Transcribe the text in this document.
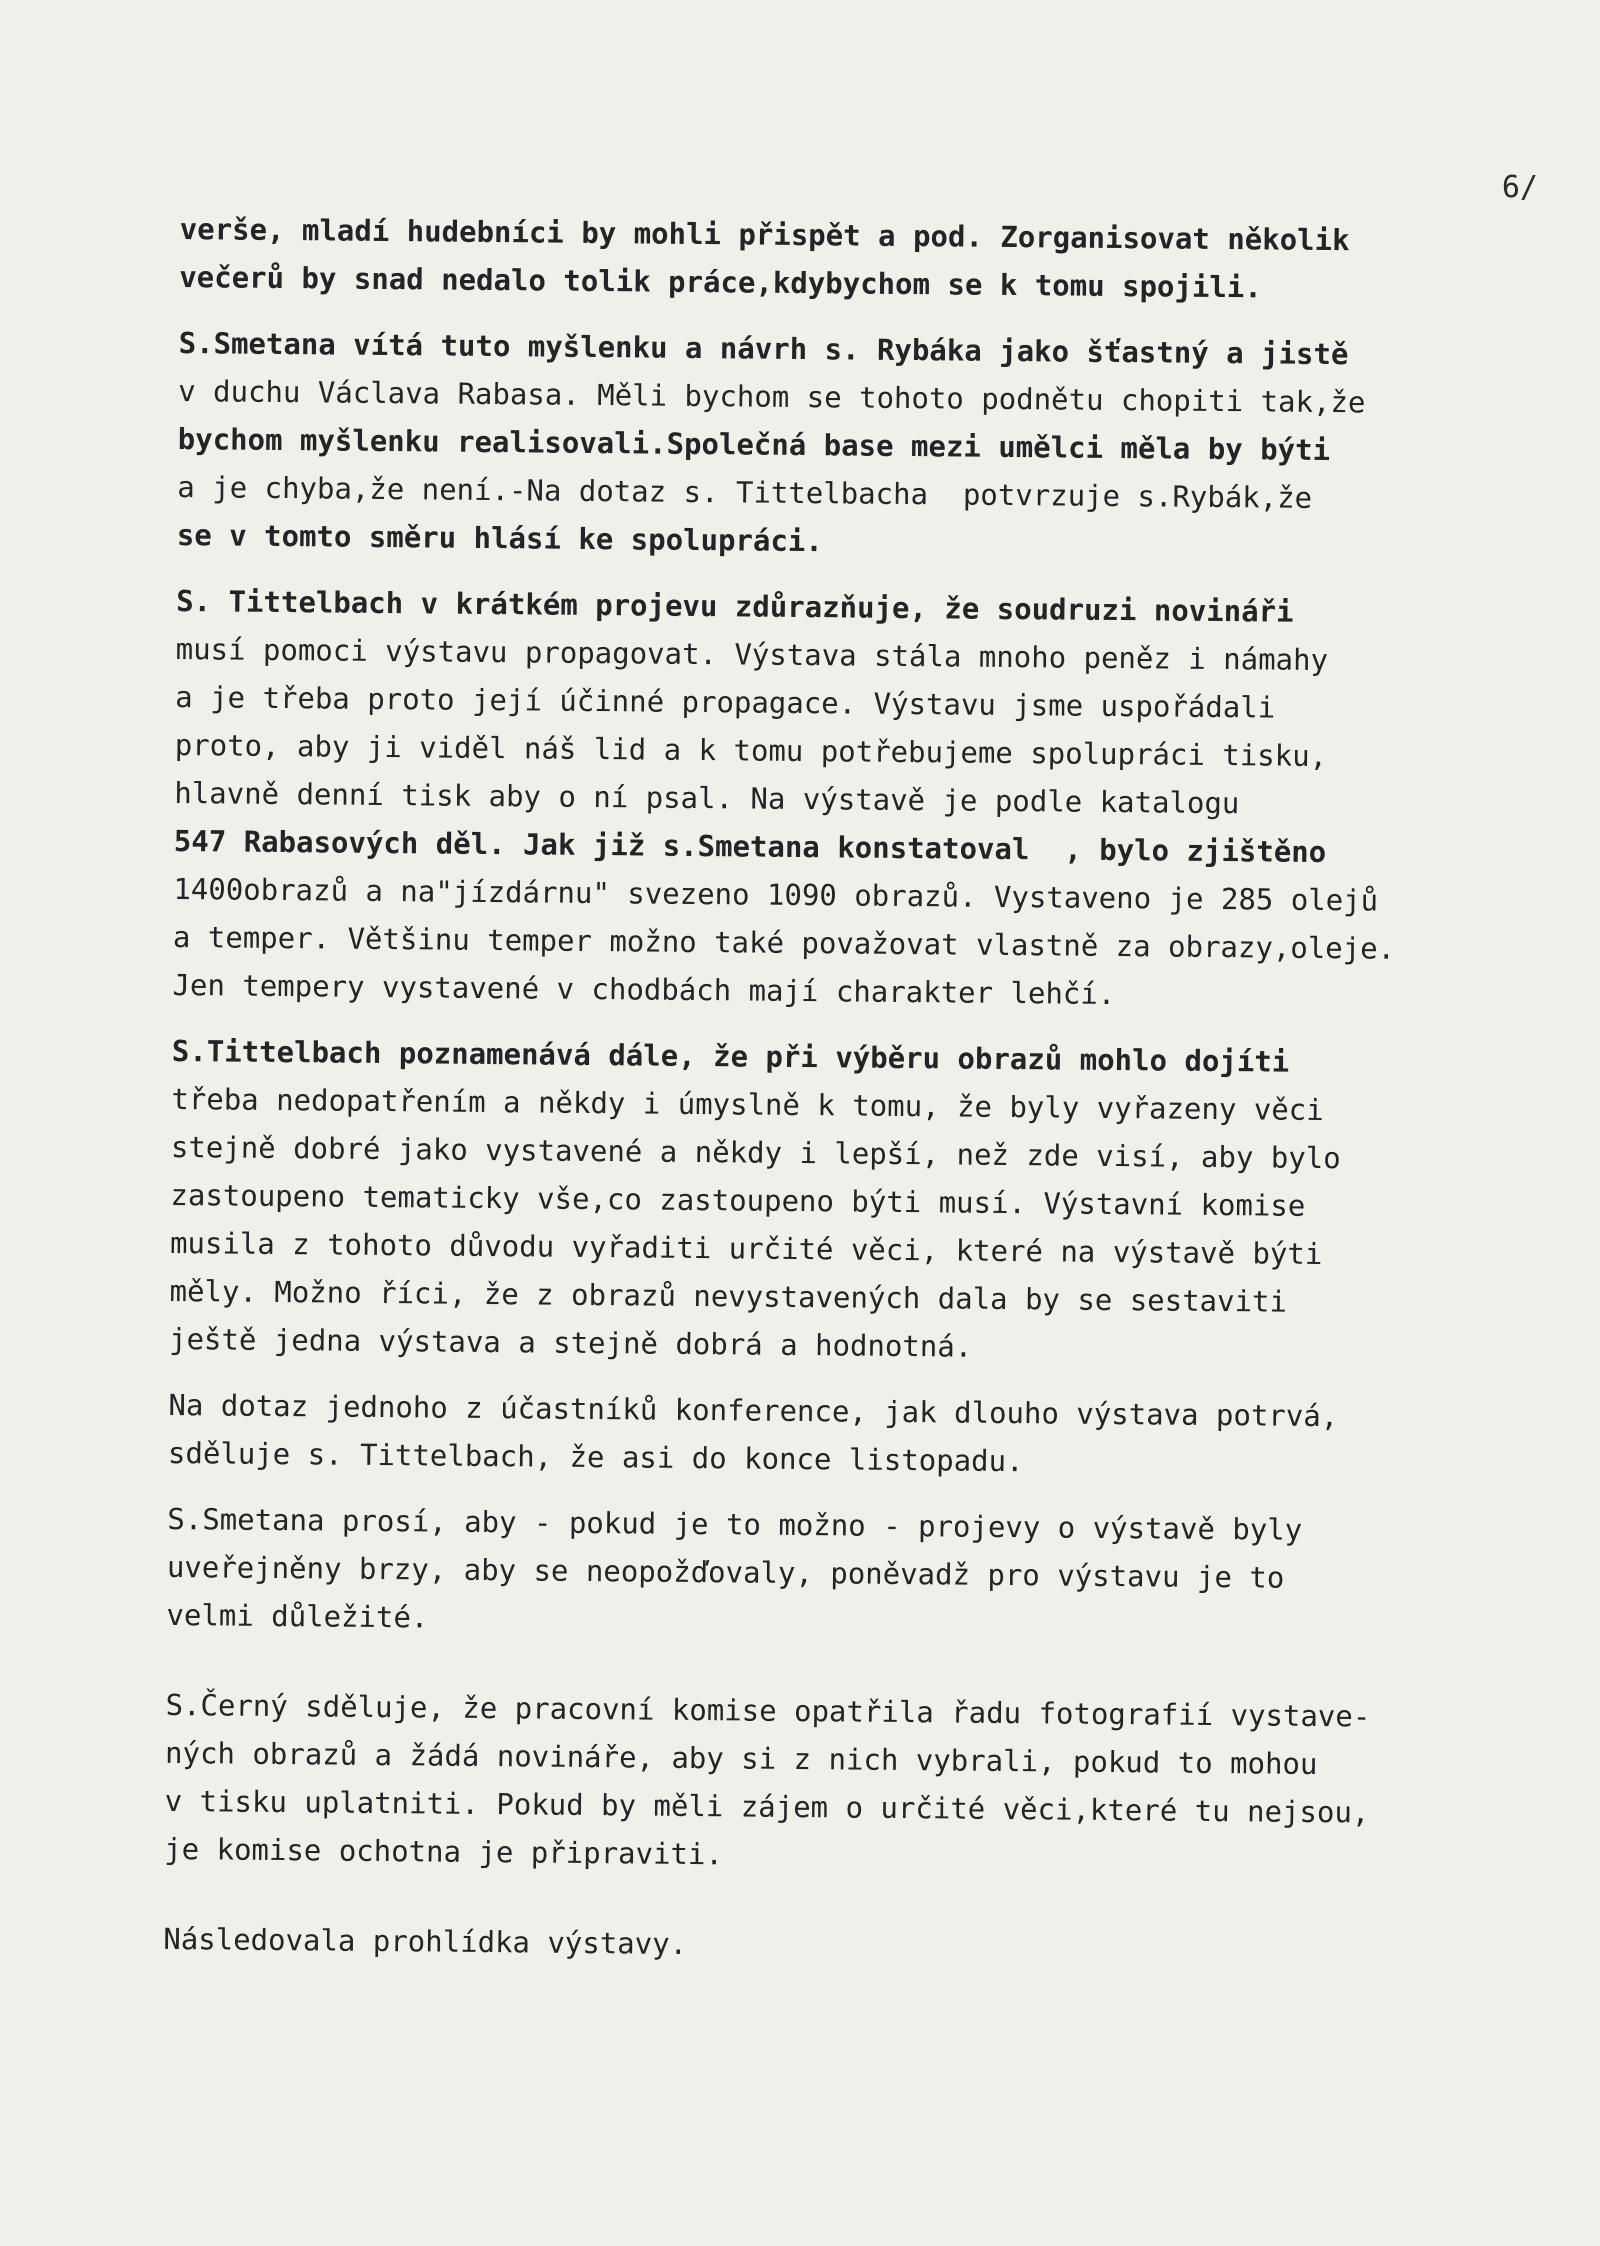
6/
verše, mladí hudebníci by mohli přispět a pod. Zorganisovat několik
večerů by snad nedalo tolik práce,kdybychom se k tomu spojili.
S.Smetana vítá tuto myšlenku a návrh s. Rybáka jako šťastný a jistě
v duchu Václava Rabasa. Měli bychom se tohoto podnětu chopiti tak,že
bychom myšlenku realisovali.Společná base mezi umělci měla by býti
a je chyba,že není.-Na dotaz s. Tittelbacha  potvrzuje s.Rybák,že
se v tomto směru hlásí ke spolupráci.
S. Tittelbach v krátkém projevu zdůrazňuje, že soudruzi novináři
musí pomoci výstavu propagovat. Výstava stála mnoho peněz i námahy
a je třeba proto její účinné propagace. Výstavu jsme uspořádali
proto, aby ji viděl náš lid a k tomu potřebujeme spolupráci tisku,
hlavně denní tisk aby o ní psal. Na výstavě je podle katalogu
547 Rabasových děl. Jak již s.Smetana konstatoval  , bylo zjištěno
1400obrazů a na"jízdárnu" svezeno 1090 obrazů. Vystaveno je 285 olejů
a temper. Většinu temper možno také považovat vlastně za obrazy,oleje.
Jen tempery vystavené v chodbách mají charakter lehčí.
S.Tittelbach poznamenává dále, že při výběru obrazů mohlo dojíti
třeba nedopatřením a někdy i úmyslně k tomu, že byly vyřazeny věci
stejně dobré jako vystavené a někdy i lepší, než zde visí, aby bylo
zastoupeno tematicky vše,co zastoupeno býti musí. Výstavní komise
musila z tohoto důvodu vyřaditi určité věci, které na výstavě býti
měly. Možno říci, že z obrazů nevystavených dala by se sestaviti
ještě jedna výstava a stejně dobrá a hodnotná.
Na dotaz jednoho z účastníků konference, jak dlouho výstava potrvá,
sděluje s. Tittelbach, že asi do konce listopadu.
S.Smetana prosí, aby - pokud je to možno - projevy o výstavě byly
uveřejněny brzy, aby se neopožďovaly, poněvadž pro výstavu je to
velmi důležité.
S.Černý sděluje, že pracovní komise opatřila řadu fotografií vystave-
ných obrazů a žádá novináře, aby si z nich vybrali, pokud to mohou
v tisku uplatniti. Pokud by měli zájem o určité věci,které tu nejsou,
je komise ochotna je připraviti.
Následovala prohlídka výstavy.
